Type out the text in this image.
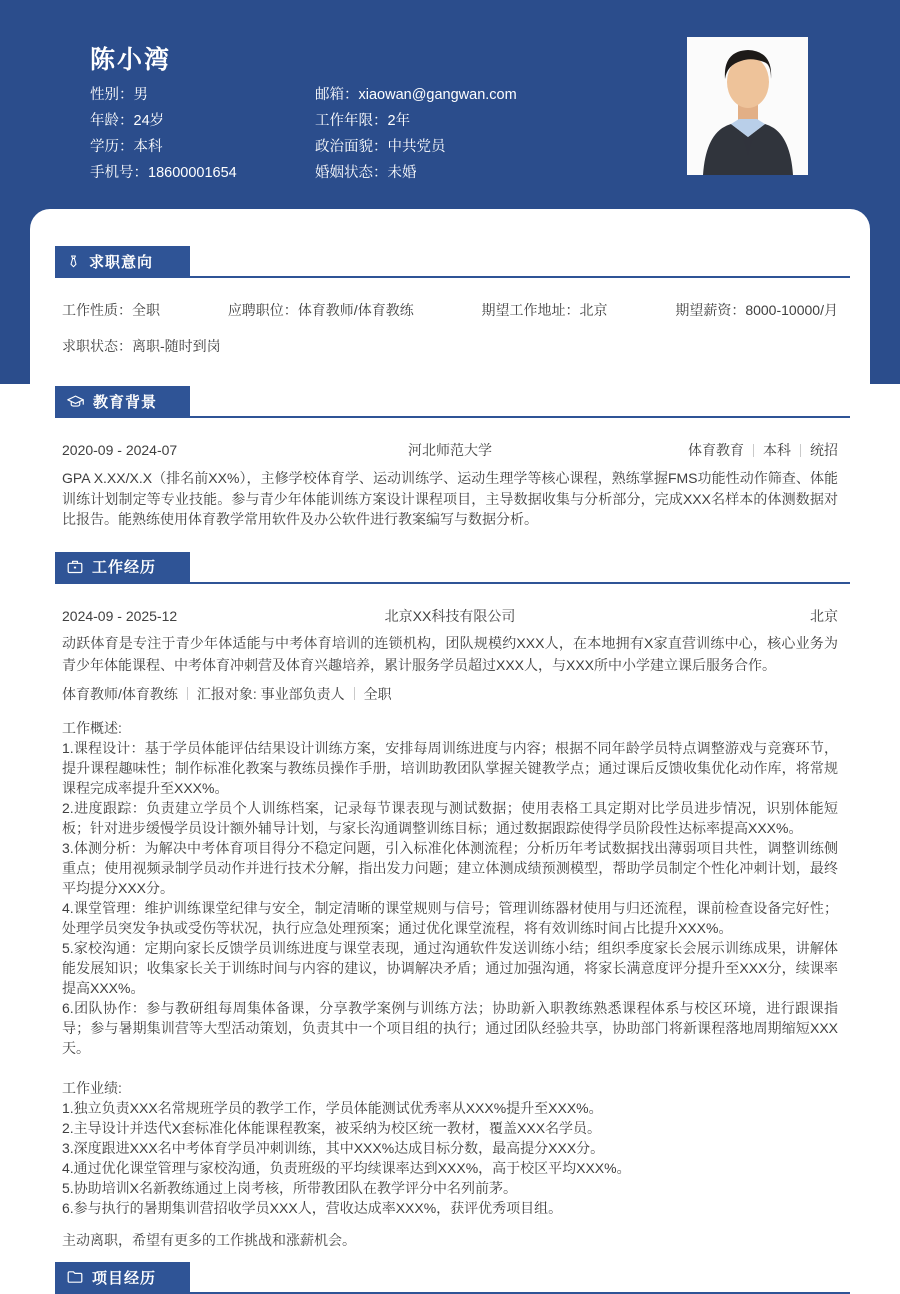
陈小湾
性别：男
年龄：24岁
学历：本科
手机号：18600001654
邮箱：xiaowan@gangwan.com
工作年限：2年
政治面貌：中共党员
婚姻状态：未婚
求职意向
工作性质：全职	应聘职位：体育教师/体育教练	期望工作地址：北京	期望薪资：8000-10000/月
求职状态：离职-随时到岗
教育背景
2020-09 - 2024-07	河北师范大学	体育教育 本科 统招
GPA X.XX/X.X（排名前XX%），主修学校体育学、运动训练学、运动生理学等核心课程，熟练掌握FMS功能性动作筛查、体能训练计划制定等专业技能。参与青少年体能训练方案设计课程项目，主导数据收集与分析部分，完成XXX名样本的体测数据对比报告。能熟练使用体育教学常用软件及办公软件进行教案编写与数据分析。
工作经历
2024-09 - 2025-12	北京XX科技有限公司	北京
动跃体育是专注于青少年体适能与中考体育培训的连锁机构，团队规模约XXX人，在本地拥有X家直营训练中心，核心业务为青少年体能课程、中考体育冲刺营及体育兴趣培养，累计服务学员超过XXX人，与XXX所中小学建立课后服务合作。
体育教师/体育教练 汇报对象: 事业部负责人 全职
工作概述:
1.课程设计：基于学员体能评估结果设计训练方案，安排每周训练进度与内容；根据不同年龄学员特点调整游戏与竞赛环节，提升课程趣味性；制作标准化教案与教练员操作手册，培训助教团队掌握关键教学点；通过课后反馈收集优化动作库，将常规课程完成率提升至XXX%。
2.进度跟踪：负责建立学员个人训练档案，记录每节课表现与测试数据；使用表格工具定期对比学员进步情况，识别体能短板；针对进步缓慢学员设计额外辅导计划，与家长沟通调整训练目标；通过数据跟踪使得学员阶段性达标率提高XXX%。
3.体测分析：为解决中考体育项目得分不稳定问题，引入标准化体测流程；分析历年考试数据找出薄弱项目共性，调整训练侧重点；使用视频录制学员动作并进行技术分解，指出发力问题；建立体测成绩预测模型，帮助学员制定个性化冲刺计划，最终平均提分XXX分。
4.课堂管理：维护训练课堂纪律与安全，制定清晰的课堂规则与信号；管理训练器材使用与归还流程，课前检查设备完好性；处理学员突发争执或受伤等状况，执行应急处理预案；通过优化课堂流程，将有效训练时间占比提升XXX%。
5.家校沟通：定期向家长反馈学员训练进度与课堂表现，通过沟通软件发送训练小结；组织季度家长会展示训练成果，讲解体能发展知识；收集家长关于训练时间与内容的建议，协调解决矛盾；通过加强沟通，将家长满意度评分提升至XXX分，续课率提高XXX%。
6.团队协作：参与教研组每周集体备课，分享教学案例与训练方法；协助新入职教练熟悉课程体系与校区环境，进行跟课指导；参与暑期集训营等大型活动策划，负责其中一个项目组的执行；通过团队经验共享，协助部门将新课程落地周期缩短XXX天。
工作业绩:
1.独立负责XXX名常规班学员的教学工作，学员体能测试优秀率从XXX%提升至XXX%。
2.主导设计并迭代X套标准化体能课程教案，被采纳为校区统一教材，覆盖XXX名学员。
3.深度跟进XXX名中考体育学员冲刺训练，其中XXX%达成目标分数，最高提分XXX分。
4.通过优化课堂管理与家校沟通，负责班级的平均续课率达到XXX%，高于校区平均XXX%。
5.协助培训X名新教练通过上岗考核，所带教团队在教学评分中名列前茅。
6.参与执行的暑期集训营招收学员XXX人，营收达成率XXX%，获评优秀项目组。
主动离职，希望有更多的工作挑战和涨薪机会。
项目经历
